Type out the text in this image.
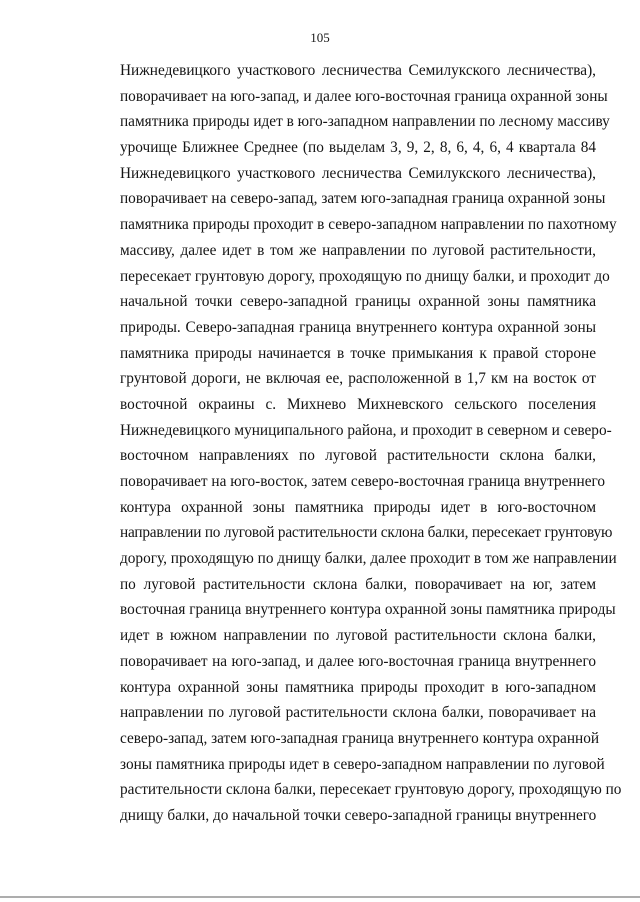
105

Нижнедевицкого участкового лесничества Семилукского лесничества),
поворачивает на юго-запад, и далее юго-восточная граница охранной зоны
памятника природы идет в юго-западном направлении по лесному массиву
урочище Ближнее Среднее (по выделам 3, 9, 2, 8, 6, 4, 6, 4 квартала 84
Нижнедевицкого участкового лесничества Семилукского лесничества),
поворачивает на северо-запад, затем юго-западная граница охранной зоны
памятника природы проходит в северо-западном направлении по пахотному
массиву, далее идет в том же направлении по луговой растительности,
пересекает грунтовую дорогу, проходящую по днищу балки, и проходит до
начальной точки северо-западной границы охранной зоны памятника
природы. Северо-западная граница внутреннего контура охранной зоны
памятника природы начинается в точке примыкания к правой стороне
грунтовой дороги, не включая ее, расположенной в 1,7 км на восток от
восточной окраины с. Михнево Михневского сельского поселения
Нижнедевицкого муниципального района, и проходит в северном и северо-
восточном направлениях по луговой растительности склона балки,
поворачивает на юго-восток, затем северо-восточная граница внутреннего
контура охранной зоны памятника природы идет в юго-восточном
направлении по луговой растительности склона балки, пересекает грунтовую
дорогу, проходящую по днищу балки, далее проходит в том же направлении
по луговой растительности склона балки, поворачивает на юг, затем
восточная граница внутреннего контура охранной зоны памятника природы
идет в южном направлении по луговой растительности склона балки,
поворачивает на юго-запад, и далее юго-восточная граница внутреннего
контура охранной зоны памятника природы проходит в юго-западном
направлении по луговой растительности склона балки, поворачивает на
северо-запад, затем юго-западная граница внутреннего контура охранной
зоны памятника природы идет в северо-западном направлении по луговой
растительности склона балки, пересекает грунтовую дорогу, проходящую по
днищу балки, до начальной точки северо-западной границы внутреннего
